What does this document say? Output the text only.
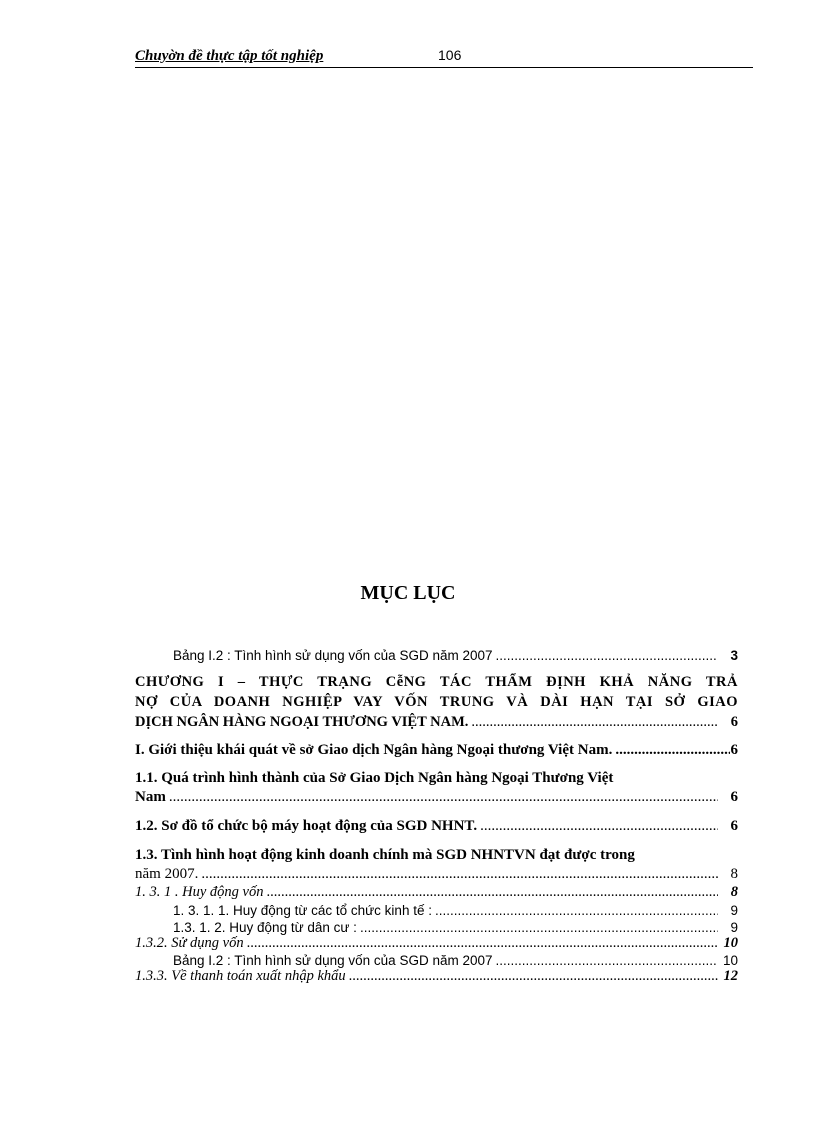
Chuyờn đề thực tập tốt nghiệp	106
MỤC LỤC
Bảng I.2 : Tình hình sử dụng vốn của SGD năm 2007 .....	3
CHƯƠNG I – THỰC TRẠNG CễNG TÁC THẨM ĐỊNH KHẢ NĂNG TRẢ
NỢ CỦA DOANH NGHIỆP VAY VỐN TRUNG VÀ DÀI HẠN TẠI SỞ GIAO
DỊCH NGÂN HÀNG NGOẠI THƯƠNG VIỆT NAM. .....	6
I. Giới thiệu khái quát về sở Giao dịch Ngân hàng Ngoại thương Việt Nam. .....	6
1.1. Quá trình hình thành của Sở Giao Dịch Ngân hàng Ngoại Thương Việt
Nam .....	6
1.2. Sơ đồ tổ chức bộ máy hoạt động của SGD NHNT. .....	6
1.3. Tình hình hoạt động kinh doanh chính mà SGD NHNTVN đạt được trong
năm 2007. .....	8
1. 3. 1 . Huy động vốn .....	8
1. 3. 1. 1. Huy động từ các tổ chức kinh tế : .....	9
1.3. 1. 2. Huy động từ dân cư : .....	9
1.3.2. Sử dụng vốn .....	10
Bảng I.2 : Tình hình sử dụng vốn của SGD năm 2007 .....	10
1.3.3. Về thanh toán xuất nhập khẩu .....	12
